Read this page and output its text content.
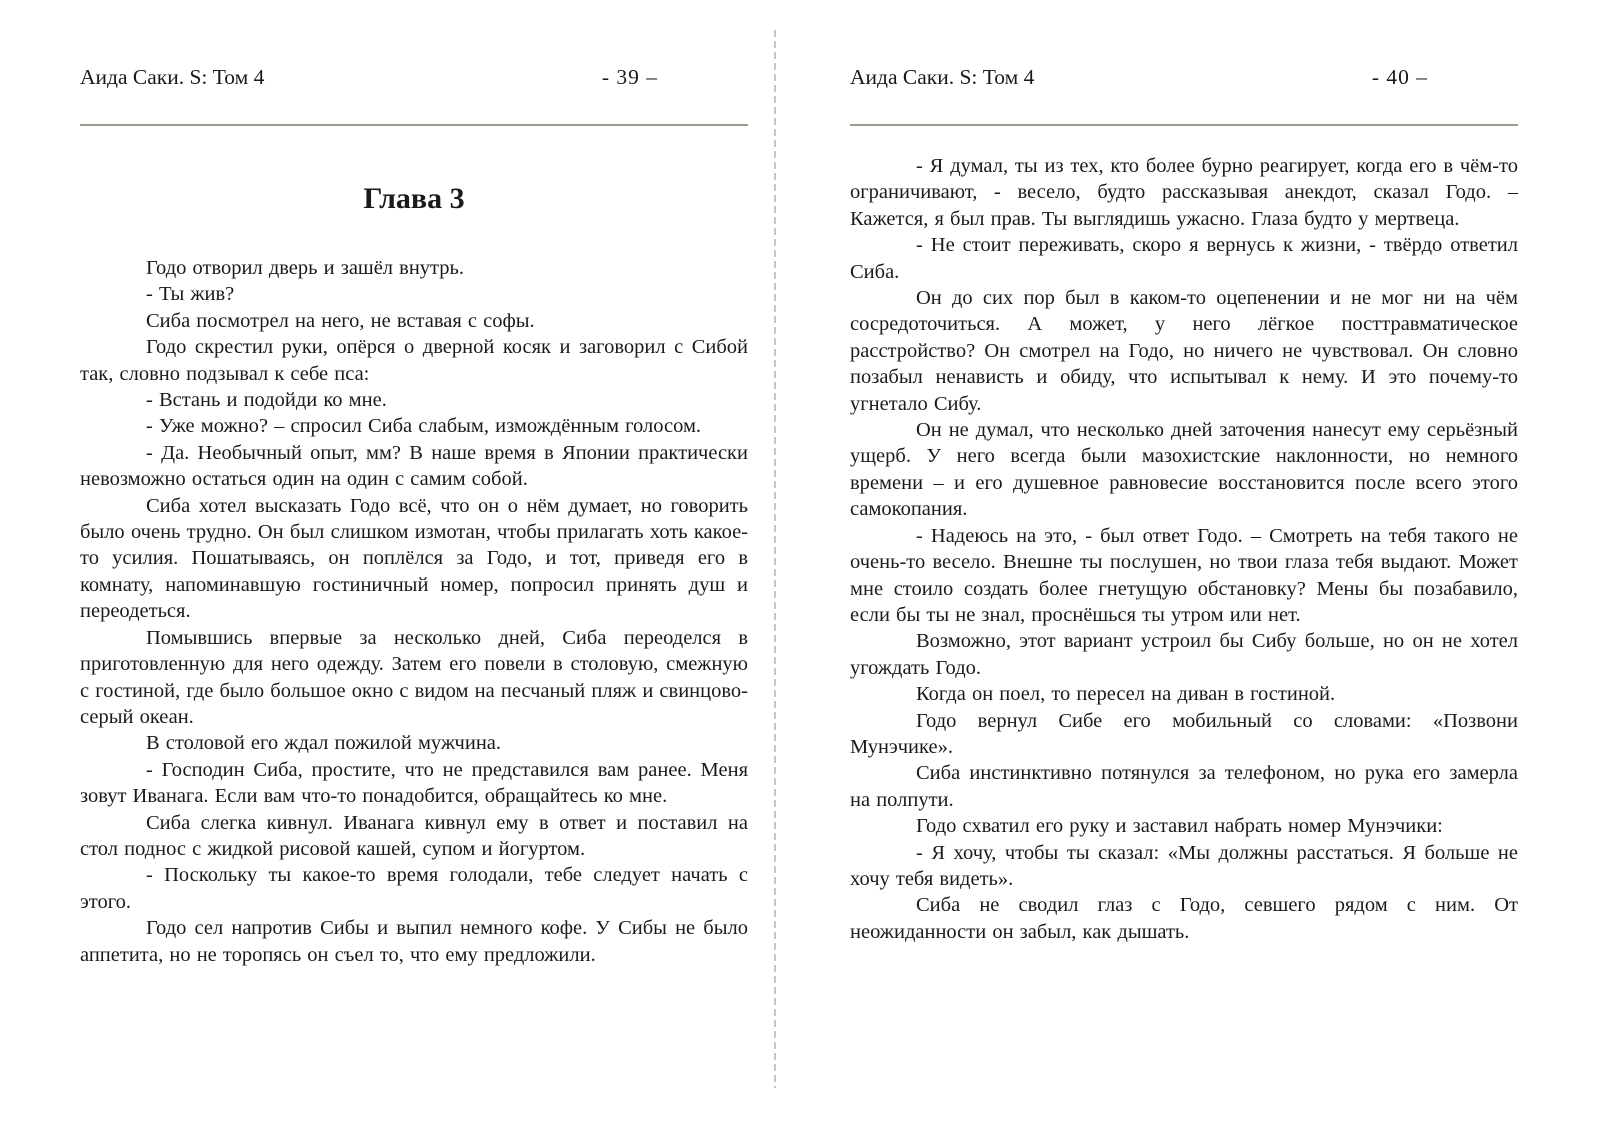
Аида Саки. S: Том 4	- 39 –
Глава 3

Годо отворил дверь и зашёл внутрь.

- Ты жив?

Сиба посмотрел на него, не вставая с софы.

Годо скрестил руки, опёрся о дверной косяк и заговорил с Сибой так, словно подзывал к себе пса:

- Встань и подойди ко мне.

- Уже можно? – спросил Сиба слабым, измождённым голосом.

- Да. Необычный опыт, мм? В наше время в Японии практически невозможно остаться один на один с самим собой.

Сиба хотел высказать Годо всё, что он о нём думает, но говорить было очень трудно. Он был слишком измотан, чтобы прилагать хоть какое-то усилия. Пошатываясь, он поплёлся за Годо, и тот, приведя его в комнату, напоминавшую гостиничный номер, попросил принять душ и переодеться.

Помывшись впервые за несколько дней, Сиба переоделся в приготовленную для него одежду. Затем его повели в столовую, смежную с гостиной, где было большое окно с видом на песчаный пляж и свинцово-серый океан.

В столовой его ждал пожилой мужчина.

- Господин Сиба, простите, что не представился вам ранее. Меня зовут Иванага. Если вам что-то понадобится, обращайтесь ко мне.

Сиба слегка кивнул. Иванага кивнул ему в ответ и поставил на стол поднос с жидкой рисовой кашей, супом и йогуртом.

- Поскольку ты какое-то время голодали, тебе следует начать с этого.

Годо сел напротив Сибы и выпил немного кофе. У Сибы не было аппетита, но не торопясь он съел то, что ему предложили.

Аида Саки. S: Том 4	- 40 –

- Я думал, ты из тех, кто более бурно реагирует, когда его в чём-то ограничивают, - весело, будто рассказывая анекдот, сказал Годо. – Кажется, я был прав. Ты выглядишь ужасно. Глаза будто у мертвеца.

- Не стоит переживать, скоро я вернусь к жизни, - твёрдо ответил Сиба.

Он до сих пор был в каком-то оцепенении и не мог ни на чём сосредоточиться. А может, у него лёгкое посттравматическое расстройство? Он смотрел на Годо, но ничего не чувствовал. Он словно позабыл ненависть и обиду, что испытывал к нему. И это почему-то угнетало Сибу.

Он не думал, что несколько дней заточения нанесут ему серьёзный ущерб. У него всегда были мазохистские наклонности, но немного времени – и его душевное равновесие восстановится после всего этого самокопания.

- Надеюсь на это, - был ответ Годо. – Смотреть на тебя такого не очень-то весело. Внешне ты послушен, но твои глаза тебя выдают. Может мне стоило создать более гнетущую обстановку? Мены бы позабавило, если бы ты не знал, проснёшься ты утром или нет.

Возможно, этот вариант устроил бы Сибу больше, но он не хотел угождать Годо.

Когда он поел, то пересел на диван в гостиной.

Годо вернул Сибе его мобильный со словами: «Позвони Мунэчике».

Сиба инстинктивно потянулся за телефоном, но рука его замерла на полпути.

Годо схватил его руку и заставил набрать номер Мунэчики:

- Я хочу, чтобы ты сказал: «Мы должны расстаться. Я больше не хочу тебя видеть».

Сиба не сводил глаз с Годо, севшего рядом с ним. От неожиданности он забыл, как дышать.
